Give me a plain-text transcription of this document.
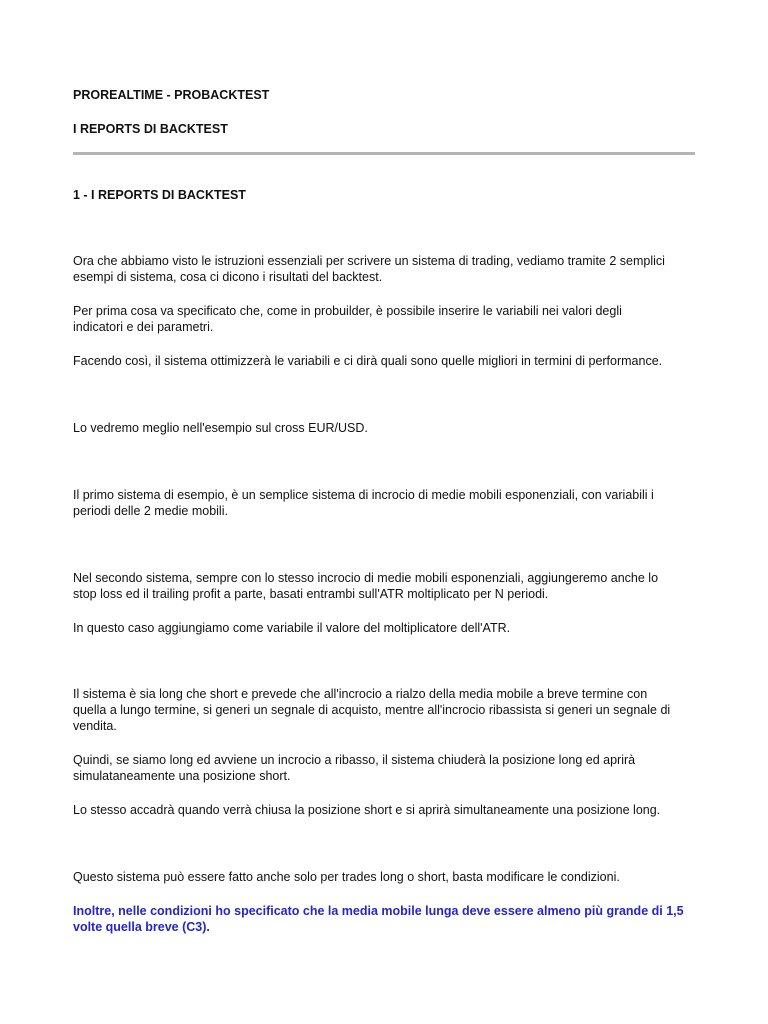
PROREALTIME - PROBACKTEST

I REPORTS DI BACKTEST

1 - I REPORTS DI BACKTEST

Ora che abbiamo visto le istruzioni essenziali per scrivere un sistema di trading, vediamo tramite 2 semplici

esempi di sistema, cosa ci dicono i risultati del backtest.

Per prima cosa va specificato che, come in probuilder, è possibile inserire le variabili nei valori degli

indicatori e dei parametri.

Facendo così, il sistema ottimizzerà le variabili e ci dirà quali sono quelle migliori in termini di performance.

Lo vedremo meglio nell'esempio sul cross EUR/USD.

Il primo sistema di esempio, è un semplice sistema di incrocio di medie mobili esponenziali, con variabili i

periodi delle 2 medie mobili.

Nel secondo sistema, sempre con lo stesso incrocio di medie mobili esponenziali, aggiungeremo anche lo

stop loss ed il trailing profit a parte, basati entrambi sull'ATR moltiplicato per N periodi.

In questo caso aggiungiamo come variabile il valore del moltiplicatore dell'ATR.

Il sistema è sia long che short e prevede che all'incrocio a rialzo della media mobile a breve termine con

quella a lungo termine, si generi un segnale di acquisto, mentre all'incrocio ribassista si generi un segnale di

vendita.

Quindi, se siamo long ed avviene un incrocio a ribasso, il sistema chiuderà la posizione long ed aprirà

simulataneamente una posizione short.

Lo stesso accadrà quando verrà chiusa la posizione short e si aprirà simultaneamente una posizione long.

Questo sistema può essere fatto anche solo per trades long o short, basta modificare le condizioni.

Inoltre, nelle condizioni ho specificato che la media mobile lunga deve essere almeno più grande di 1,5

volte quella breve (C3).
